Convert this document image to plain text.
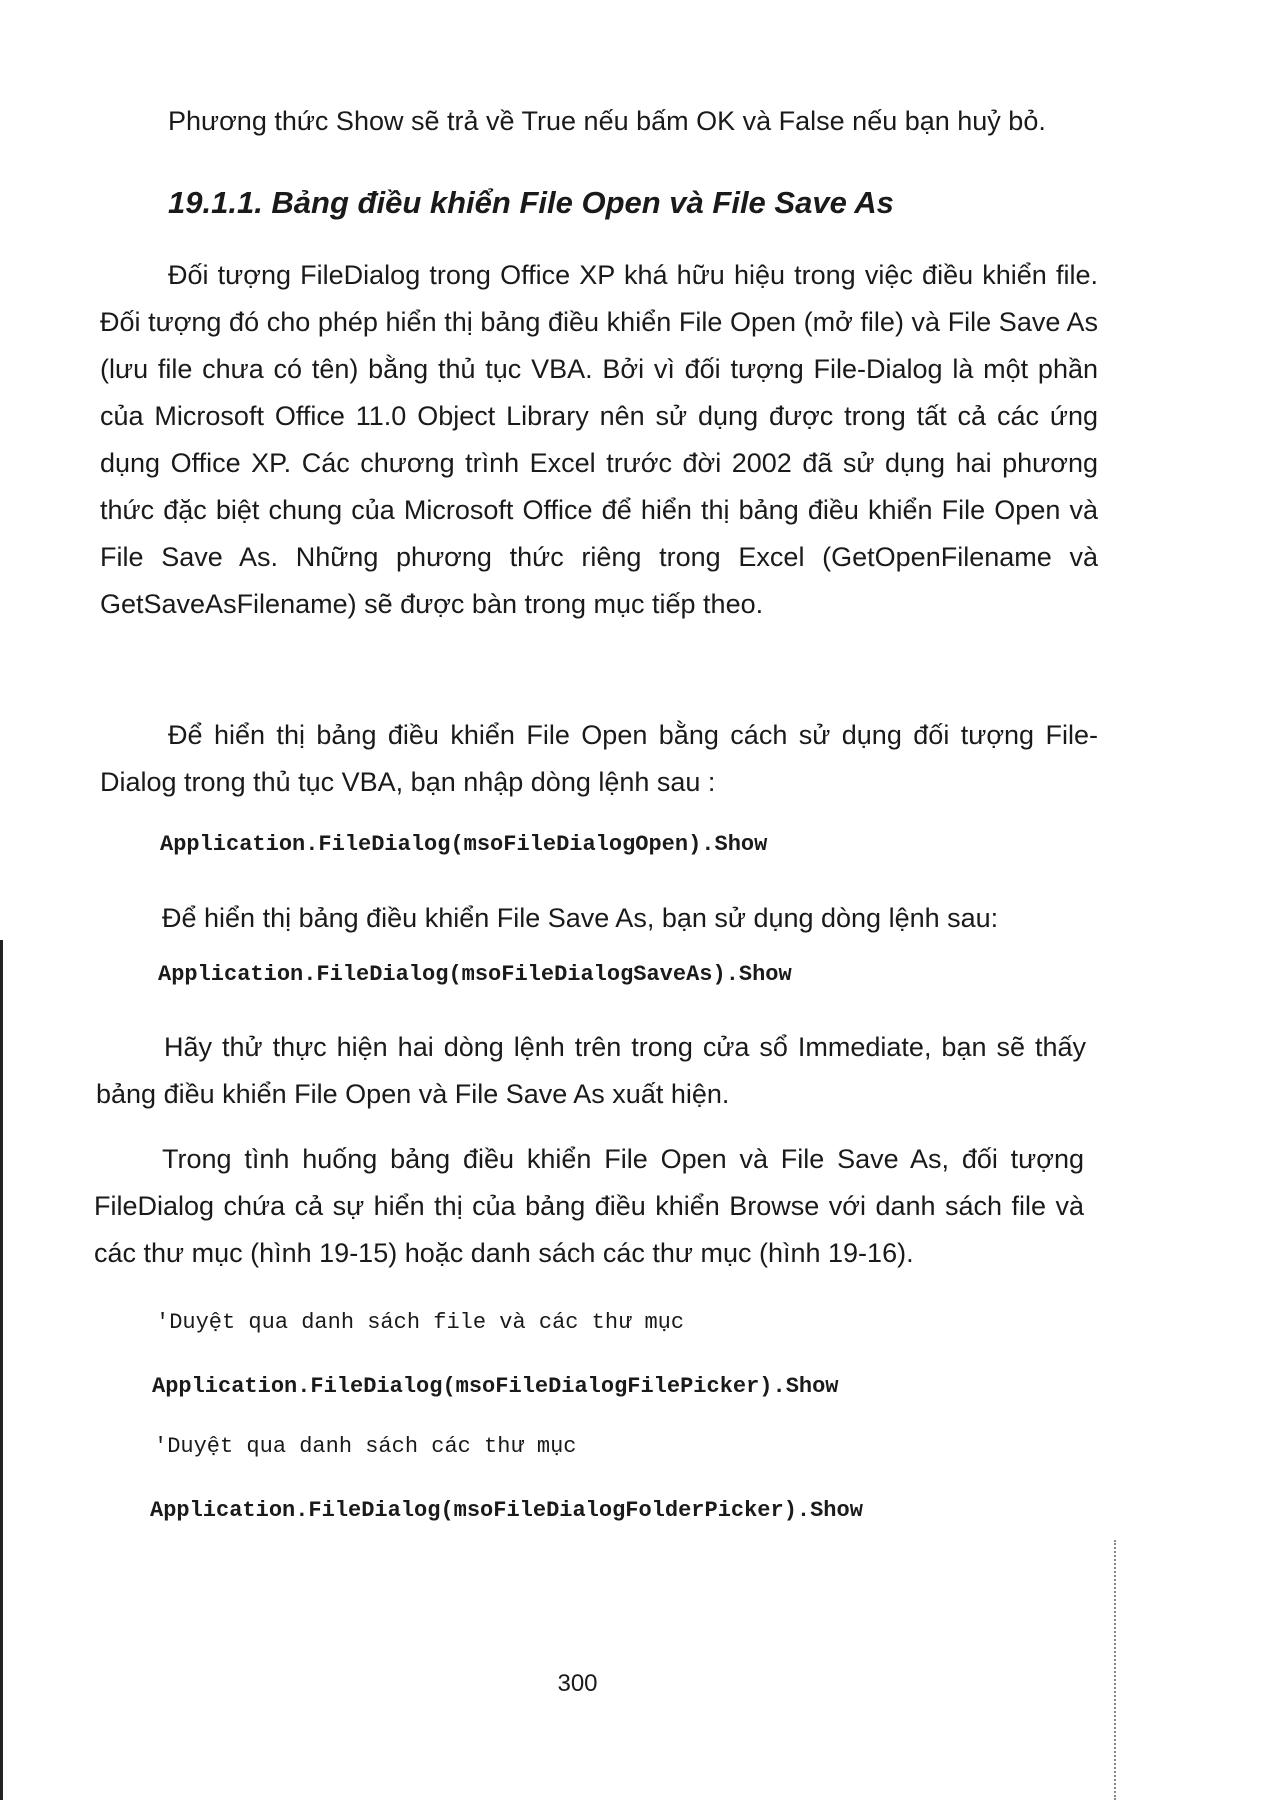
Phương thức Show sẽ trả về True nếu bấm OK và False nếu bạn huỷ bỏ.

19.1.1. Bảng điều khiển File Open và File Save As

Đối tượng FileDialog trong Office XP khá hữu hiệu trong việc điều khiển file. Đối tượng đó cho phép hiển thị bảng điều khiển File Open (mở file) và File Save As (lưu file chưa có tên) bằng thủ tục VBA. Bởi vì đối tượng File-Dialog là một phần của Microsoft Office 11.0 Object Library nên sử dụng được trong tất cả các ứng dụng Office XP. Các chương trình Excel trước đời 2002 đã sử dụng hai phương thức đặc biệt chung của Microsoft Office để hiển thị bảng điều khiển File Open và File Save As. Những phương thức riêng trong Excel (GetOpenFilename và GetSaveAsFilename) sẽ được bàn trong mục tiếp theo.

Để hiển thị bảng điều khiển File Open bằng cách sử dụng đối tượng File-Dialog trong thủ tục VBA, bạn nhập dòng lệnh sau :

Application.FileDialog(msoFileDialogOpen).Show

Để hiển thị bảng điều khiển File Save As, bạn sử dụng dòng lệnh sau:

Application.FileDialog(msoFileDialogSaveAs).Show

Hãy thử thực hiện hai dòng lệnh trên trong cửa sổ Immediate, bạn sẽ thấy bảng điều khiển File Open và File Save As xuất hiện.

Trong tình huống bảng điều khiển File Open và File Save As, đối tượng FileDialog chứa cả sự hiển thị của bảng điều khiển Browse với danh sách file và các thư mục (hình 19-15) hoặc danh sách các thư mục (hình 19-16).

'Duyệt qua danh sách file và các thư mục
Application.FileDialog(msoFileDialogFilePicker).Show
'Duyệt qua danh sách các thư mục
Application.FileDialog(msoFileDialogFolderPicker).Show
300
